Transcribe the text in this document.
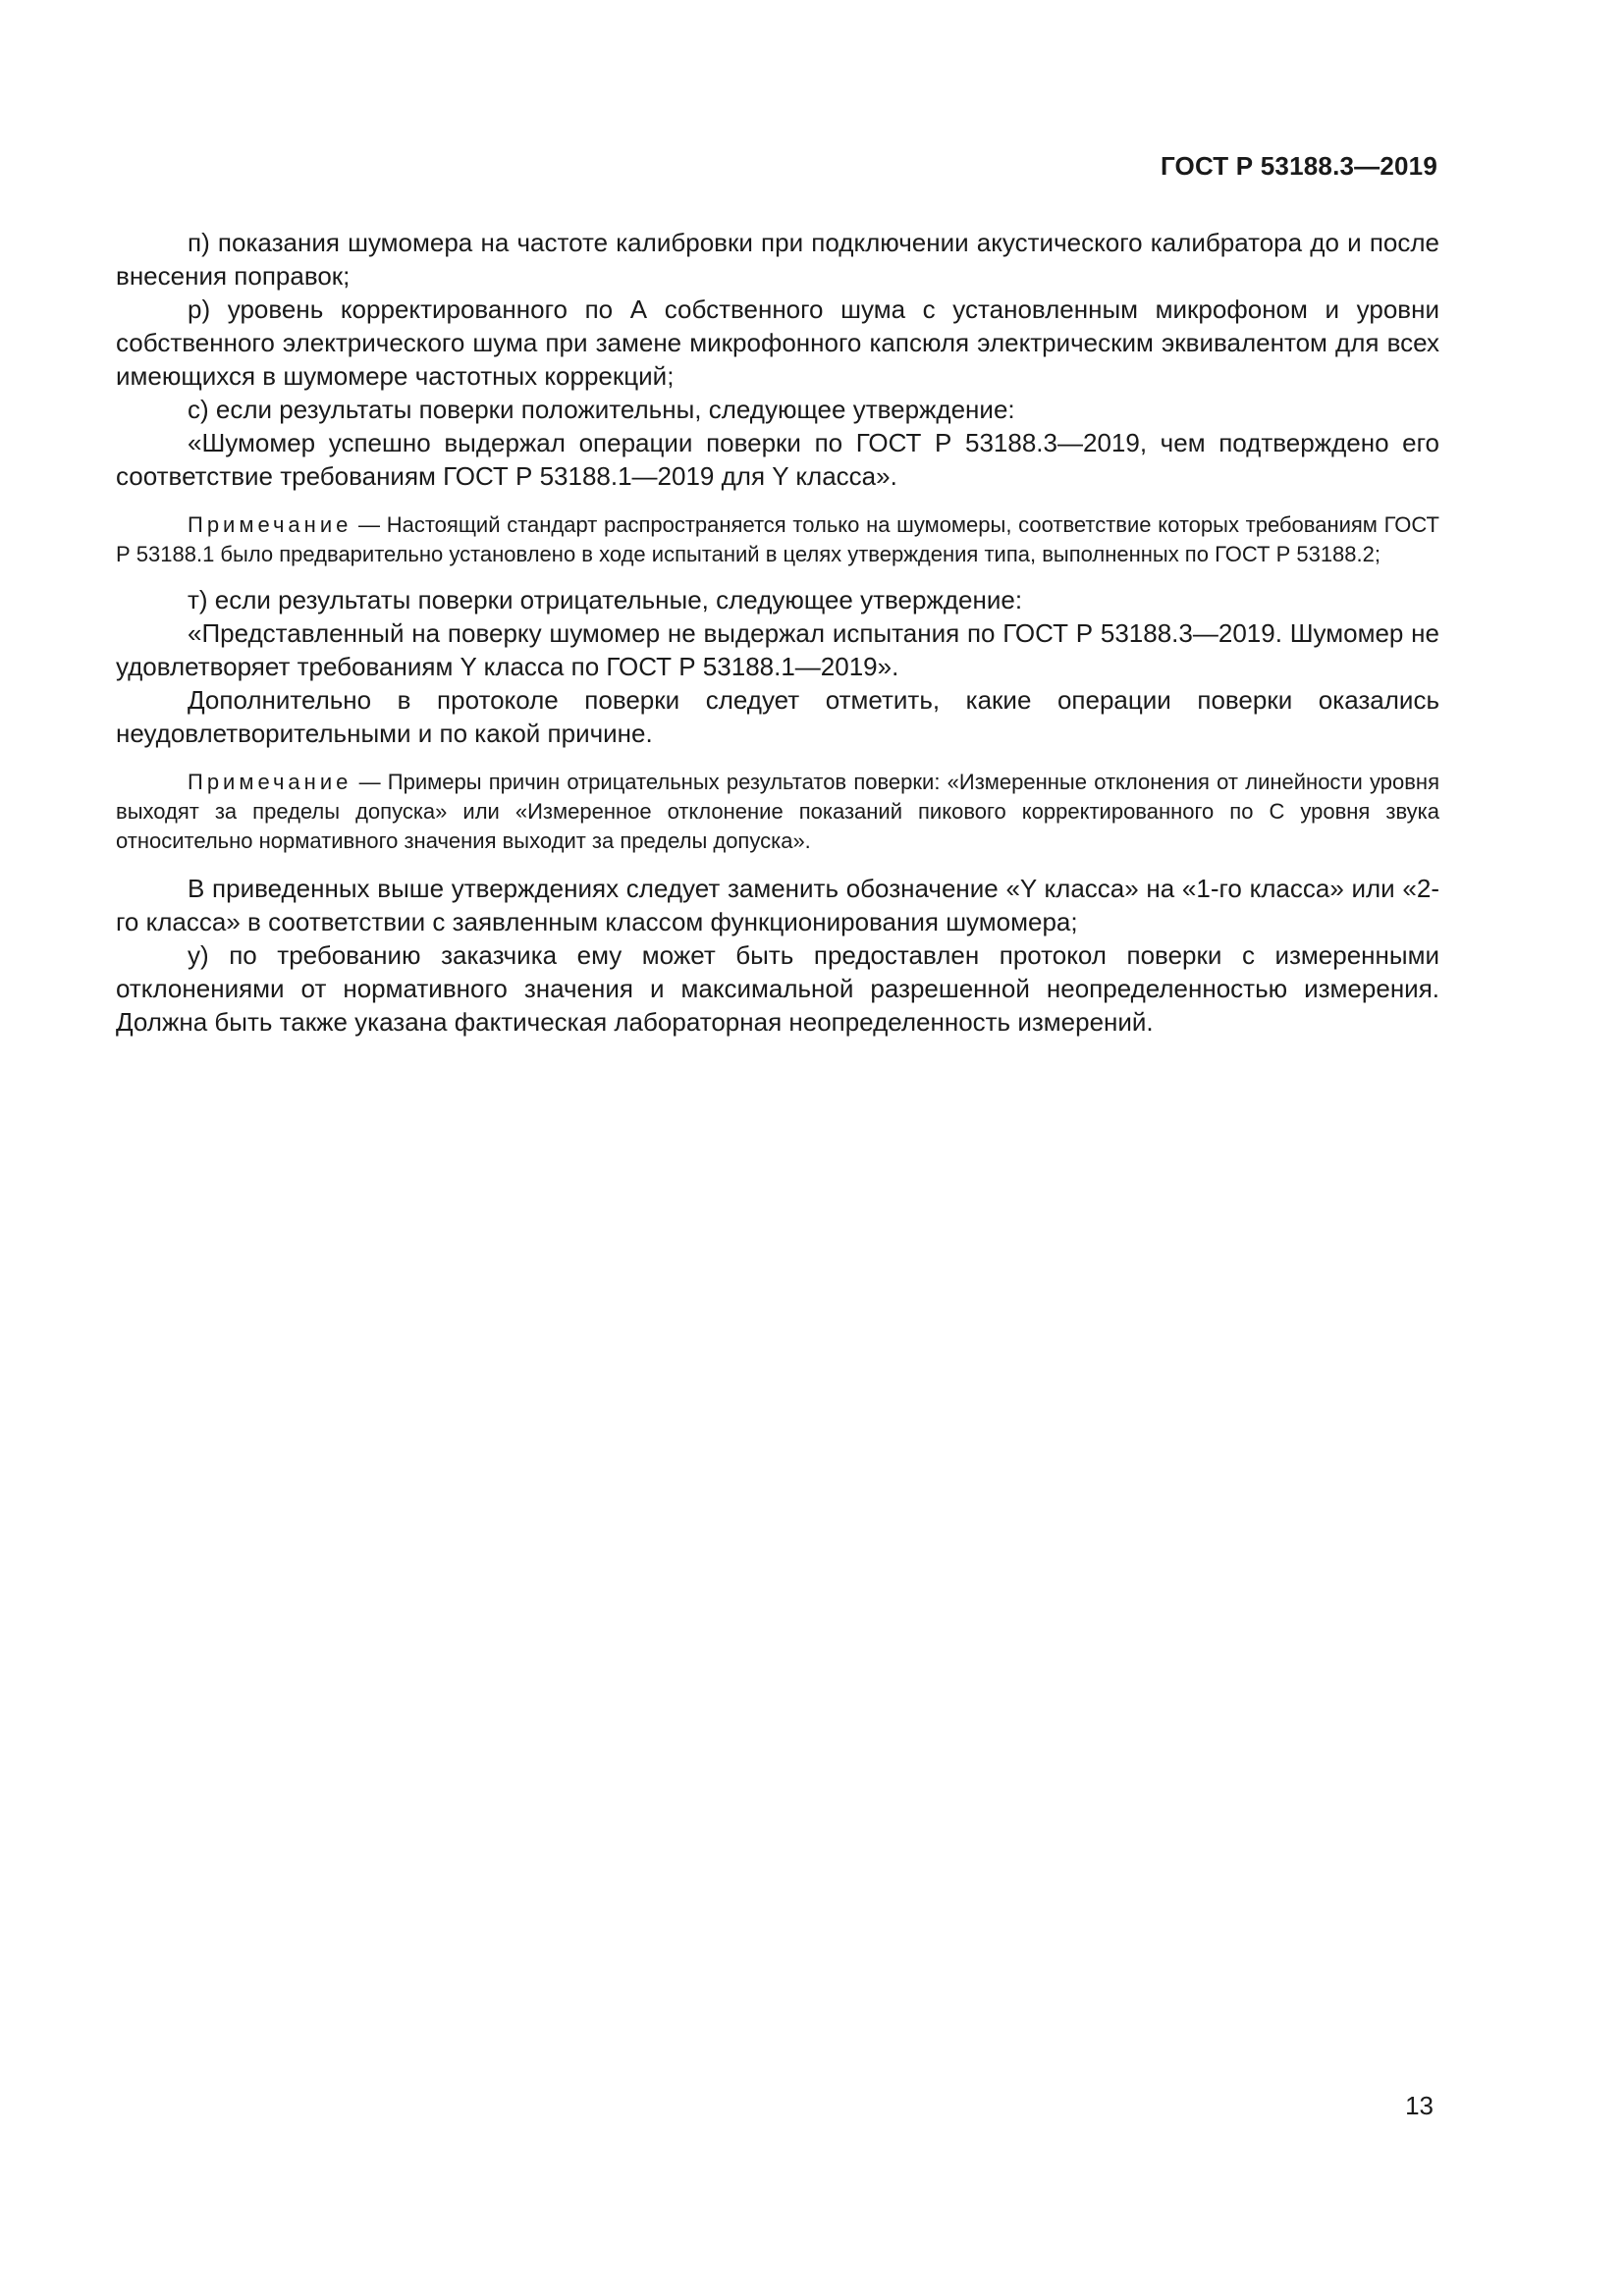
ГОСТ Р 53188.3—2019

п) показания шумомера на частоте калибровки при подключении акустического калибратора до и после внесения поправок;

р) уровень корректированного по А собственного шума с установленным микрофоном и уровни собственного электрического шума при замене микрофонного капсюля электрическим эквивалентом для всех имеющихся в шумомере частотных коррекций;

с) если результаты поверки положительны, следующее утверждение:

«Шумомер успешно выдержал операции поверки по ГОСТ Р 53188.3—2019, чем подтверждено его соответствие требованиям ГОСТ Р 53188.1—2019 для Y класса».

Примечание — Настоящий стандарт распространяется только на шумомеры, соответствие которых требованиям ГОСТ Р 53188.1 было предварительно установлено в ходе испытаний в целях утверждения типа, выполненных по ГОСТ Р 53188.2;

т) если результаты поверки отрицательные, следующее утверждение:

«Представленный на поверку шумомер не выдержал испытания по ГОСТ Р 53188.3—2019. Шумомер не удовлетворяет требованиям Y класса по ГОСТ Р 53188.1—2019».

Дополнительно в протоколе поверки следует отметить, какие операции поверки оказались неудовлетворительными и по какой причине.

Примечание — Примеры причин отрицательных результатов поверки: «Измеренные отклонения от линейности уровня выходят за пределы допуска» или «Измеренное отклонение показаний пикового корректированного по С уровня звука относительно нормативного значения выходит за пределы допуска».

В приведенных выше утверждениях следует заменить обозначение «Y класса» на «1-го класса» или «2-го класса» в соответствии с заявленным классом функционирования шумомера;

у) по требованию заказчика ему может быть предоставлен протокол поверки с измеренными отклонениями от нормативного значения и максимальной разрешенной неопределенностью измерения. Должна быть также указана фактическая лабораторная неопределенность измерений.

13
